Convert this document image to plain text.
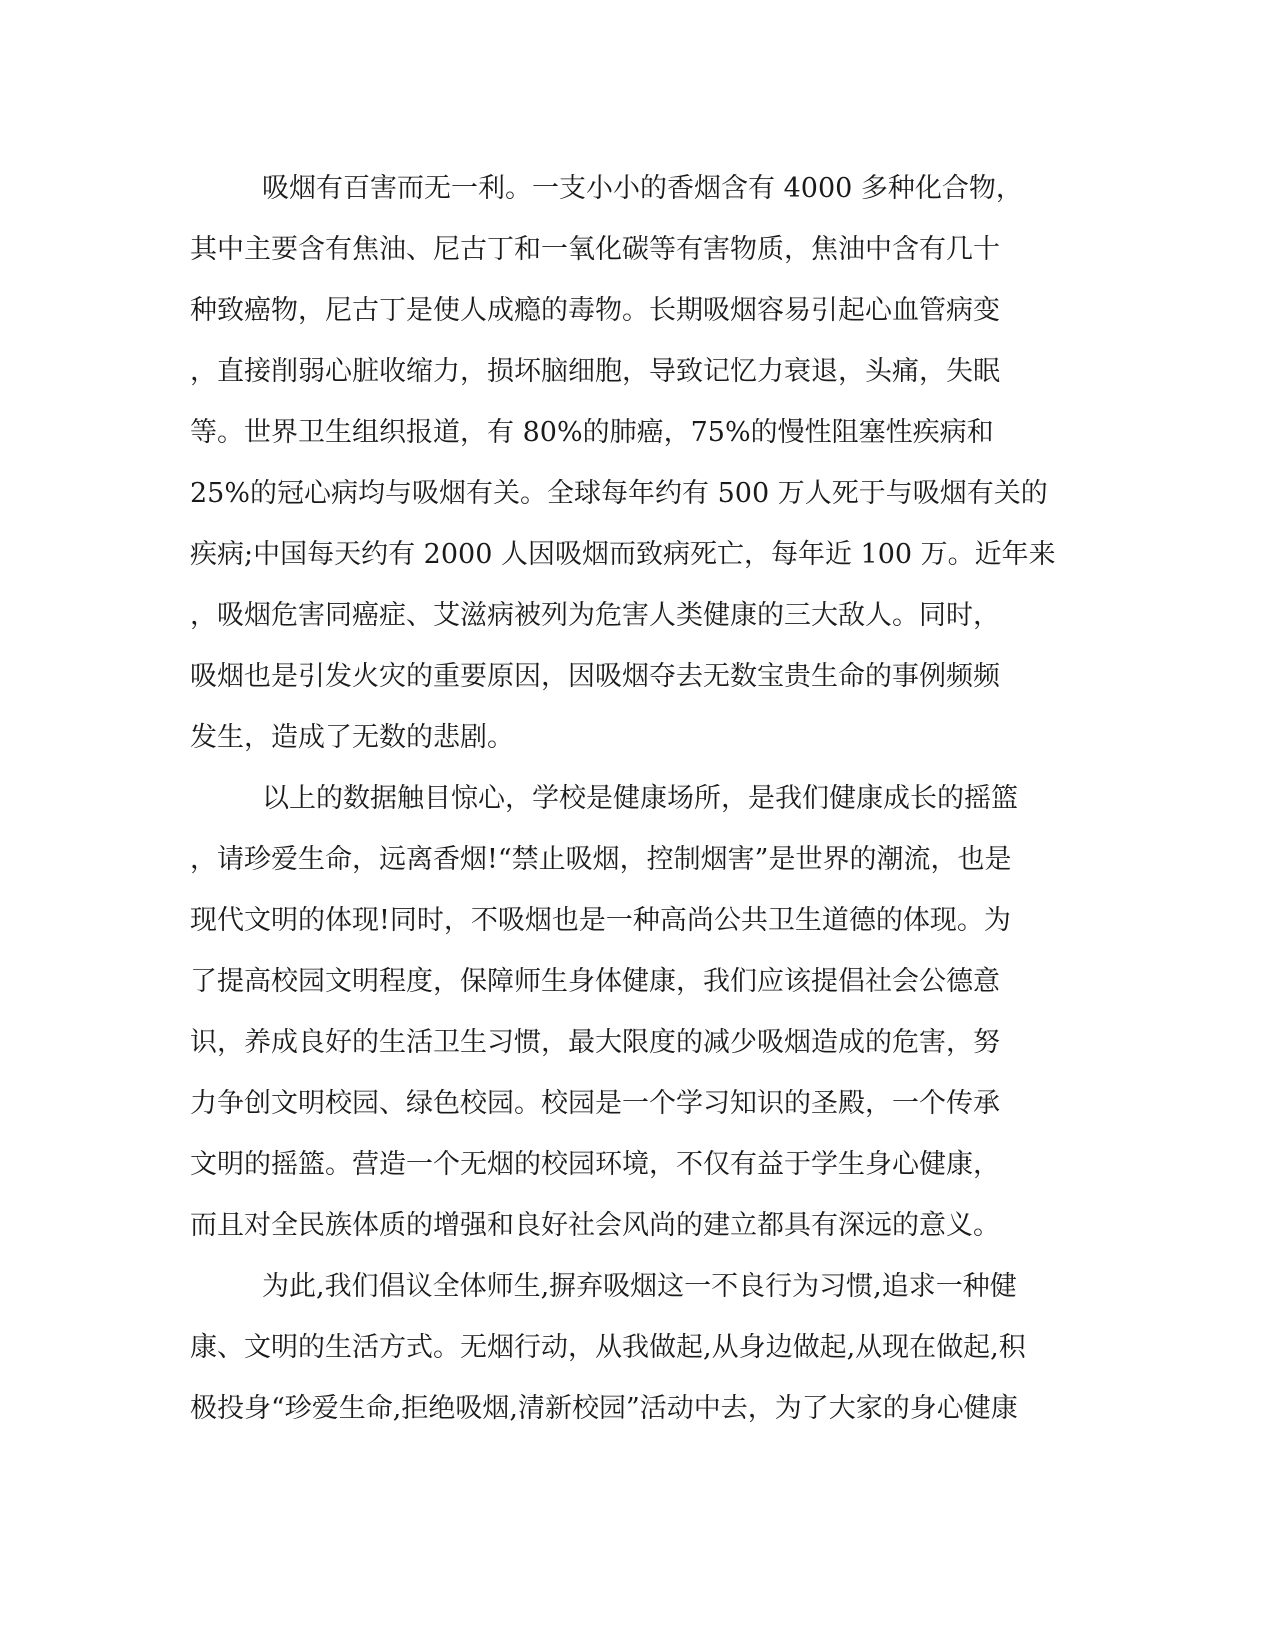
吸烟有百害而无一利。一支小小的香烟含有 4000 多种化合物，
其中主要含有焦油、尼古丁和一氧化碳等有害物质，焦油中含有几十
种致癌物，尼古丁是使人成瘾的毒物。长期吸烟容易引起心血管病变
，直接削弱心脏收缩力，损坏脑细胞，导致记忆力衰退，头痛，失眠
等。世界卫生组织报道，有 80%的肺癌，75%的慢性阻塞性疾病和
25%的冠心病均与吸烟有关。全球每年约有 500 万人死于与吸烟有关的
疾病;中国每天约有 2000 人因吸烟而致病死亡，每年近 100 万。近年来
，吸烟危害同癌症、艾滋病被列为危害人类健康的三大敌人。同时，
吸烟也是引发火灾的重要原因，因吸烟夺去无数宝贵生命的事例频频
发生，造成了无数的悲剧。
以上的数据触目惊心，学校是健康场所，是我们健康成长的摇篮
，请珍爱生命，远离香烟!“禁止吸烟，控制烟害”是世界的潮流，也是
现代文明的体现!同时，不吸烟也是一种高尚公共卫生道德的体现。为
了提高校园文明程度，保障师生身体健康，我们应该提倡社会公德意
识，养成良好的生活卫生习惯，最大限度的减少吸烟造成的危害，努
力争创文明校园、绿色校园。校园是一个学习知识的圣殿，一个传承
文明的摇篮。营造一个无烟的校园环境，不仅有益于学生身心健康，
而且对全民族体质的增强和良好社会风尚的建立都具有深远的意义。
为此,我们倡议全体师生,摒弃吸烟这一不良行为习惯,追求一种健
康、文明的生活方式。无烟行动，从我做起,从身边做起,从现在做起,积
极投身“珍爱生命,拒绝吸烟,清新校园”活动中去，为了大家的身心健康
